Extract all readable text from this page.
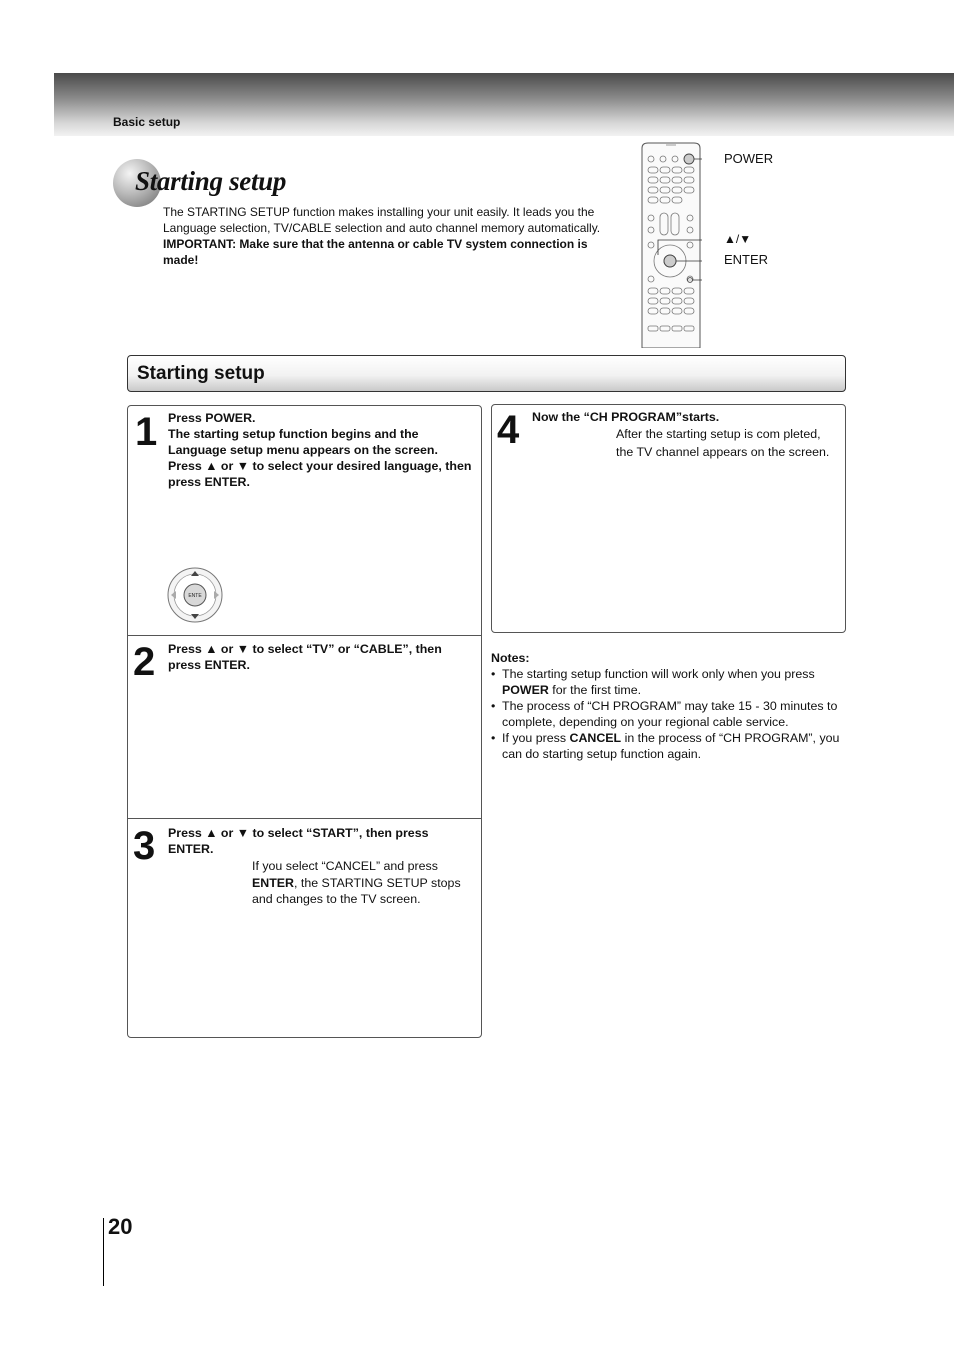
Basic setup
Starting setup

The STARTING SETUP function makes installing your unit easily. It leads you the Language selection, TV/CABLE selection and auto channel memory automatically.

IMPORTANT: Make sure that the antenna or cable TV system connection is made!

POWER
▲/▼
ENTER
Starting setup
1 Press POWER.

The starting setup function begins and the Language setup menu appears on the screen.

Press ▲ or ▼ to select your desired language, then press ENTER.

ENTE
2 Press ▲ or ▼ to select “TV” or “CABLE”, then press ENTER.

3 Press ▲ or ▼ to select “START”, then press ENTER.

If you select “CANCEL” and press ENTER, the STARTING SETUP stops and changes to the TV screen.
4 Now the “CH PROGRAM”starts.

After the starting setup is com pleted, the TV channel appears on the screen.

Notes:

• The starting setup function will work only when you press POWER for the first time.
• The process of “CH PROGRAM” may take 15 - 30 minutes to complete, depending on your regional cable service.
• If you press CANCEL in the process of “CH PROGRAM”, you can do starting setup function again.
20
